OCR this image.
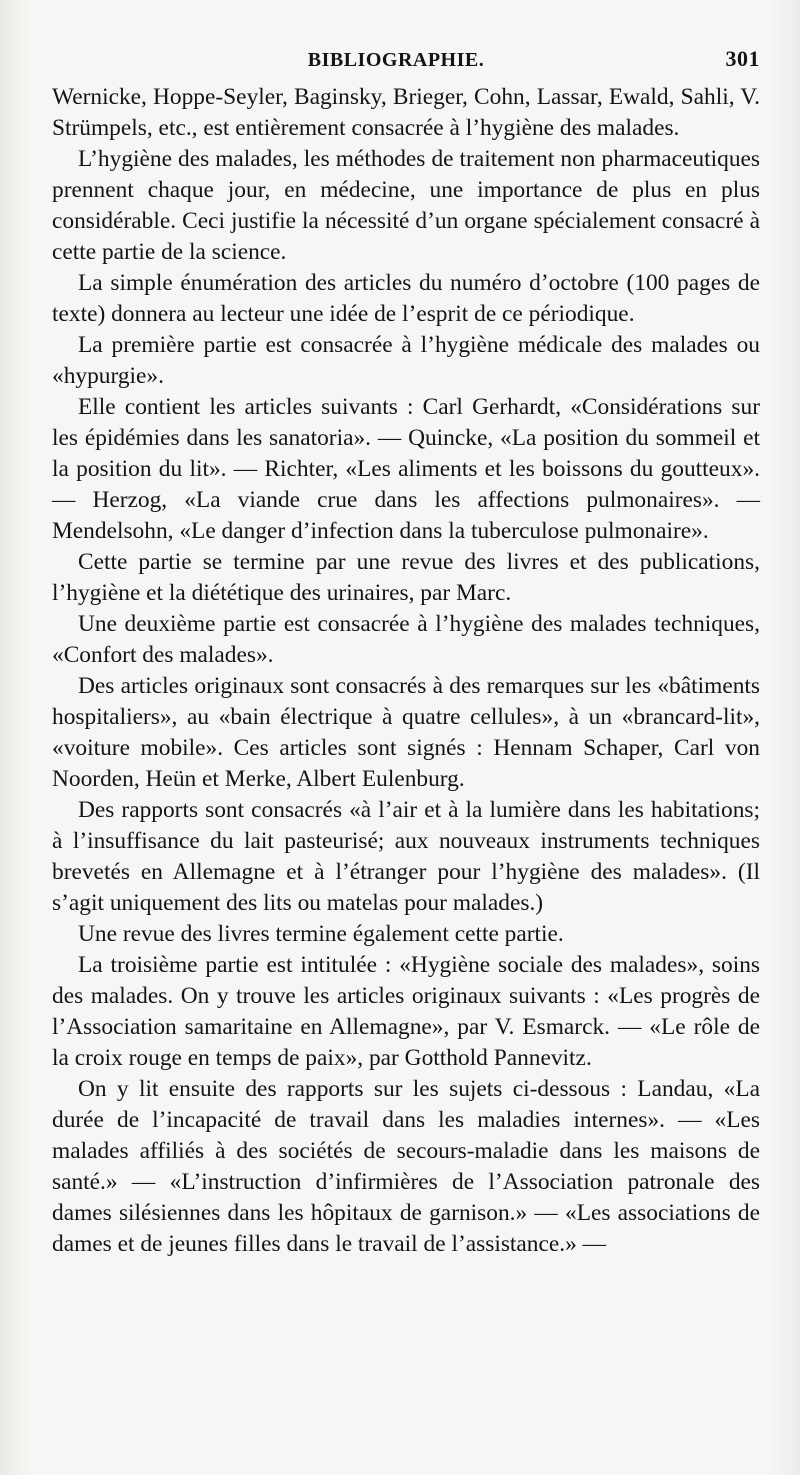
BIBLIOGRAPHIE.	301

Wernicke, Hoppe-Seyler, Baginsky, Brieger, Cohn, Lassar, Ewald, Sahli, V. Strümpels, etc., est entièrement consacrée à l’hygiène des malades.

L’hygiène des malades, les méthodes de traitement non pharmaceutiques prennent chaque jour, en médecine, une importance de plus en plus considérable. Ceci justifie la nécessité d’un organe spécialement consacré à cette partie de la science.

La simple énumération des articles du numéro d’octobre (100 pages de texte) donnera au lecteur une idée de l’esprit de ce périodique.

La première partie est consacrée à l’hygiène médicale des malades ou «hypurgie».

Elle contient les articles suivants : Carl Gerhardt, «Considérations sur les épidémies dans les sanatoria». — Quincke, «La position du sommeil et la position du lit». — Richter, «Les aliments et les boissons du goutteux». — Herzog, «La viande crue dans les affections pulmonaires». — Mendelsohn, «Le danger d’infection dans la tuberculose pulmonaire».

Cette partie se termine par une revue des livres et des publications, l’hygiène et la diététique des urinaires, par Marc.

Une deuxième partie est consacrée à l’hygiène des malades techniques, «Confort des malades».

Des articles originaux sont consacrés à des remarques sur les «bâtiments hospitaliers», au «bain électrique à quatre cellules», à un «brancard-lit», «voiture mobile». Ces articles sont signés : Hennam Schaper, Carl von Noorden, Heün et Merke, Albert Eulenburg.

Des rapports sont consacrés «à l’air et à la lumière dans les habitations; à l’insuffisance du lait pasteurisé; aux nouveaux instruments techniques brevetés en Allemagne et à l’étranger pour l’hygiène des malades». (Il s’agit uniquement des lits ou matelas pour malades.)

Une revue des livres termine également cette partie.

La troisième partie est intitulée : «Hygiène sociale des malades», soins des malades. On y trouve les articles originaux suivants : «Les progrès de l’Association samaritaine en Allemagne», par V. Esmarck. — «Le rôle de la croix rouge en temps de paix», par Gotthold Pannevitz.

On y lit ensuite des rapports sur les sujets ci-dessous : Landau, «La durée de l’incapacité de travail dans les maladies internes». — «Les malades affiliés à des sociétés de secours-maladie dans les maisons de santé.» — «L’instruction d’infirmières de l’Association patronale des dames silésiennes dans les hôpitaux de garnison.» — «Les associations de dames et de jeunes filles dans le travail de l’assistance.» —
